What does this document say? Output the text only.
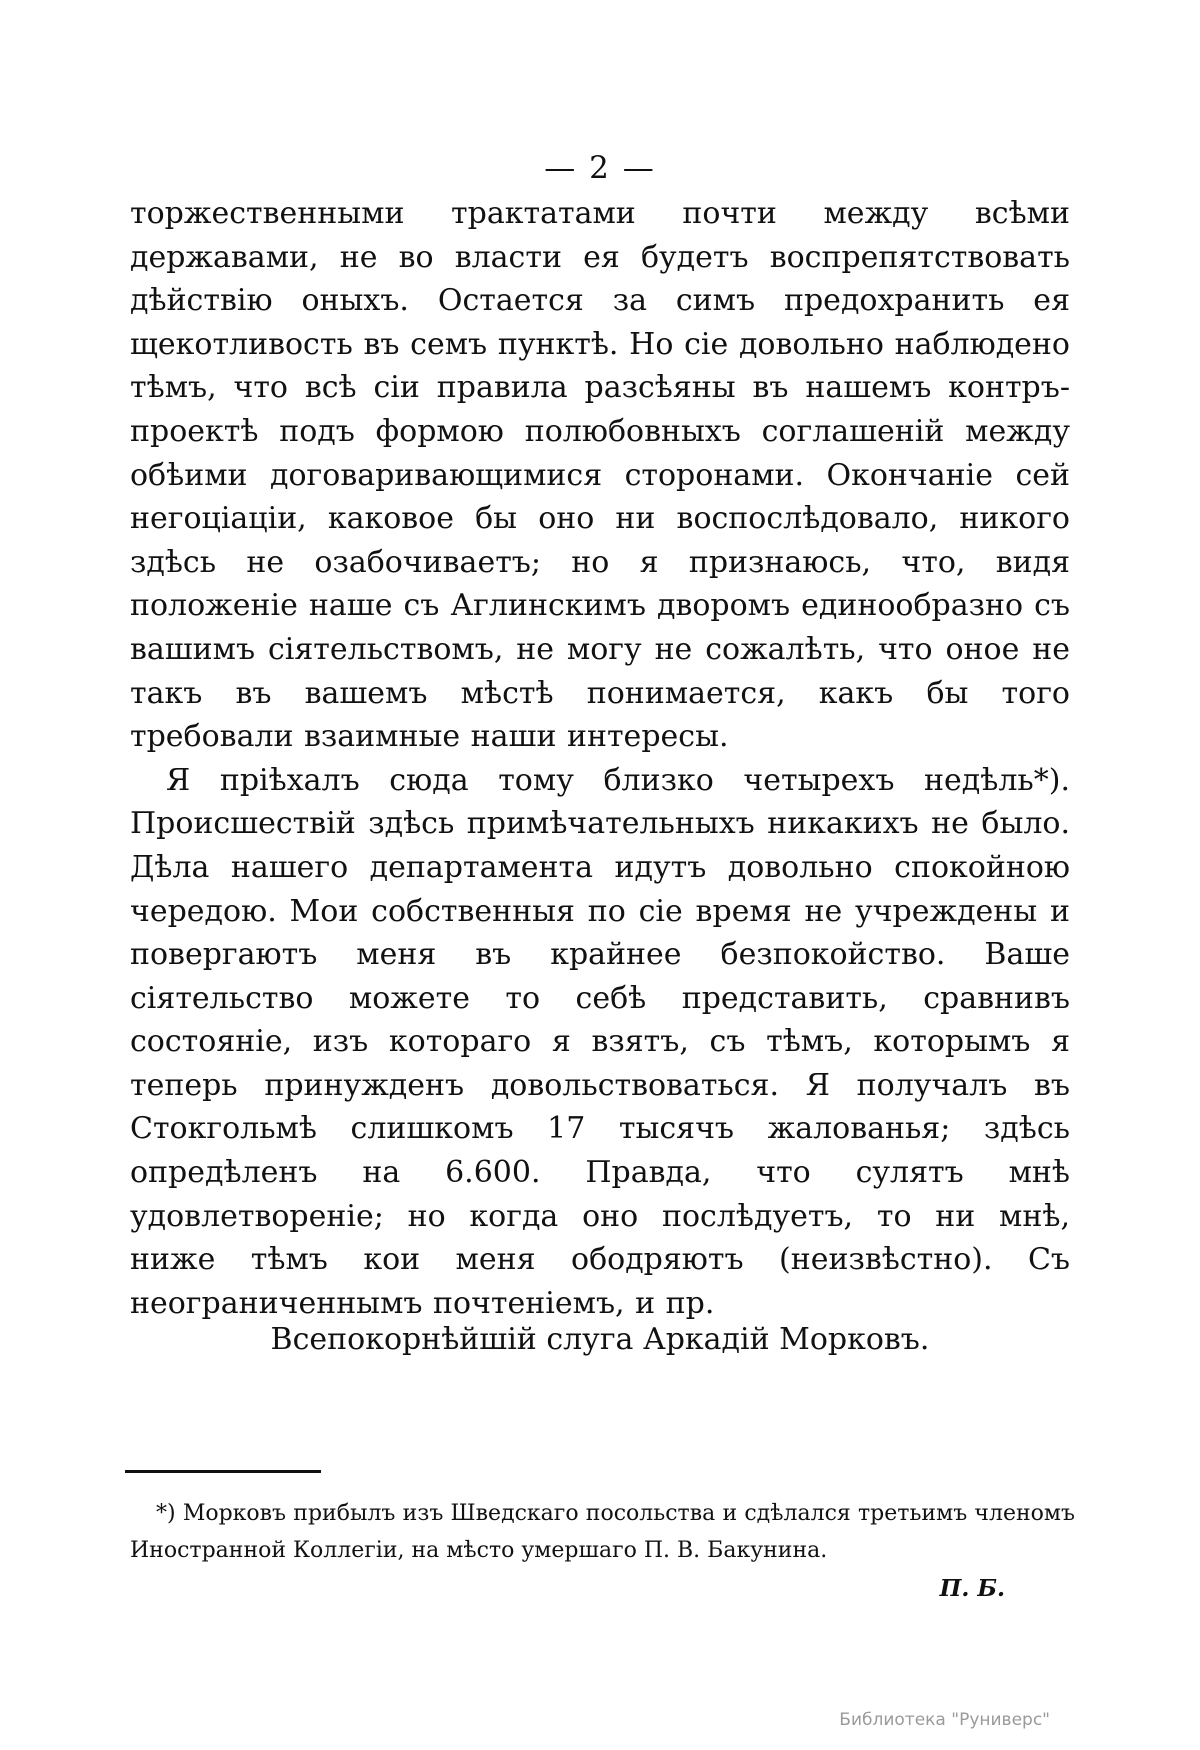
— 2 —

торжественными трактатами почти между всѣми державами, не во власти ея будетъ воспрепятствовать дѣйствію оныхъ. Остается за симъ предохранить ея щекотливость въ семъ пунктѣ. Но сіе довольно наблюдено тѣмъ, что всѣ сіи правила разсѣяны въ нашемъ контръ-проектѣ подъ формою полюбовныхъ соглашеній между обѣими договаривающимися сторонами. Окончаніе сей негоціаціи, каковое бы оно ни воспослѣдовало, никого здѣсь не озабочиваетъ; но я признаюсь, что, видя положеніе наше съ Аглинскимъ дворомъ единообразно съ вашимъ сіятельствомъ, не могу не сожалѣть, что оное не такъ въ вашемъ мѣстѣ понимается, какъ бы того требовали взаимные наши интересы.

Я пріѣхалъ сюда тому близко четырехъ недѣль*). Происшествій здѣсь примѣчательныхъ никакихъ не было. Дѣла нашего департамента идутъ довольно спокойною чередою. Мои собственныя по сіе время не учреждены и повергаютъ меня въ крайнее безпокойство. Ваше сіятельство можете то себѣ представить, сравнивъ состояніе, изъ котораго я взятъ, съ тѣмъ, которымъ я теперь принужденъ довольствоваться. Я получалъ въ Стокгольмѣ слишкомъ 17 тысячъ жалованья; здѣсь опредѣленъ на 6.600. Правда, что сулятъ мнѣ удовлетвореніе; но когда оно послѣдуетъ, то ни мнѣ, ниже тѣмъ кои меня ободряютъ (неизвѣстно). Съ неограниченнымъ почтеніемъ, и пр.

Всепокорнѣйшій слуга Аркадій Морковъ.

*) Морковъ прибылъ изъ Шведскаго посольства и сдѣлался третьимъ членомъ Иностранной Коллегіи, на мѣсто умершаго П. В. Бакунина.

П. Б.
Библиотека "Руниверс"
